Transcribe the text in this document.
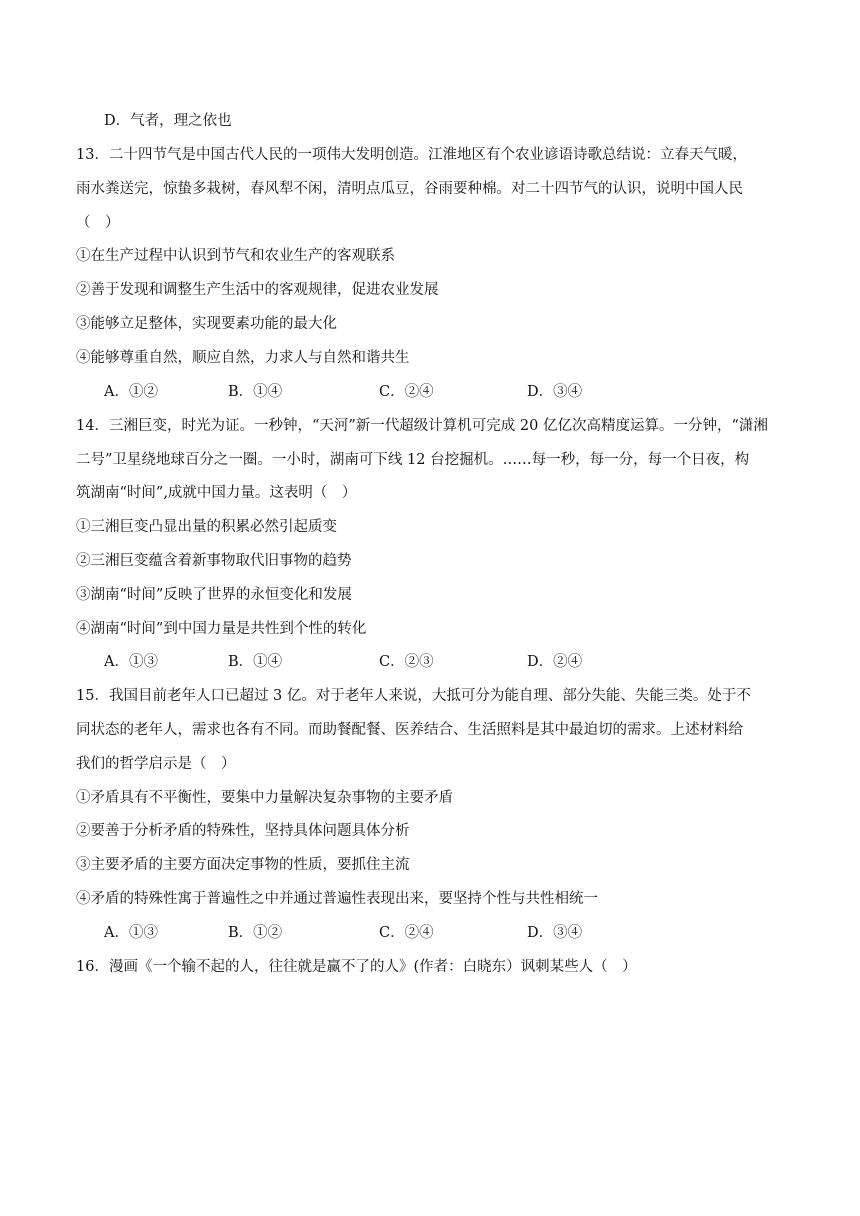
D．气者，理之依也
13．二十四节气是中国古代人民的一项伟大发明创造。江淮地区有个农业谚语诗歌总结说：立春天气暖，
雨水粪送完，惊蛰多栽树，春风犁不闲，清明点瓜豆，谷雨要种棉。对二十四节气的认识，说明中国人民
（　）
①在生产过程中认识到节气和农业生产的客观联系
②善于发现和调整生产生活中的客观规律，促进农业发展
③能够立足整体，实现要素功能的最大化
④能够尊重自然，顺应自然，力求人与自然和谐共生
A．①②	B．①④	C．②④	D．③④
14．三湘巨变，时光为证。一秒钟，“天河”新一代超级计算机可完成 20 亿亿次高精度运算。一分钟，“潇湘
二号”卫星绕地球百分之一圈。一小时，湖南可下线 12 台挖掘机。……每一秒，每一分，每一个日夜，构
筑湖南“时间”,成就中国力量。这表明（　）
①三湘巨变凸显出量的积累必然引起质变
②三湘巨变蕴含着新事物取代旧事物的趋势
③湖南“时间”反映了世界的永恒变化和发展
④湖南“时间”到中国力量是共性到个性的转化
A．①③	B．①④	C．②③	D．②④
15．我国目前老年人口已超过 3 亿。对于老年人来说，大抵可分为能自理、部分失能、失能三类。处于不
同状态的老年人，需求也各有不同。而助餐配餐、医养结合、生活照料是其中最迫切的需求。上述材料给
我们的哲学启示是（　）
①矛盾具有不平衡性，要集中力量解决复杂事物的主要矛盾
②要善于分析矛盾的特殊性，坚持具体问题具体分析
③主要矛盾的主要方面决定事物的性质，要抓住主流
④矛盾的特殊性寓于普遍性之中并通过普遍性表现出来，要坚持个性与共性相统一
A．①③	B．①②	C．②④	D．③④
16．漫画《一个输不起的人，往往就是赢不了的人》(作者：白晓东）讽刺某些人（　）
